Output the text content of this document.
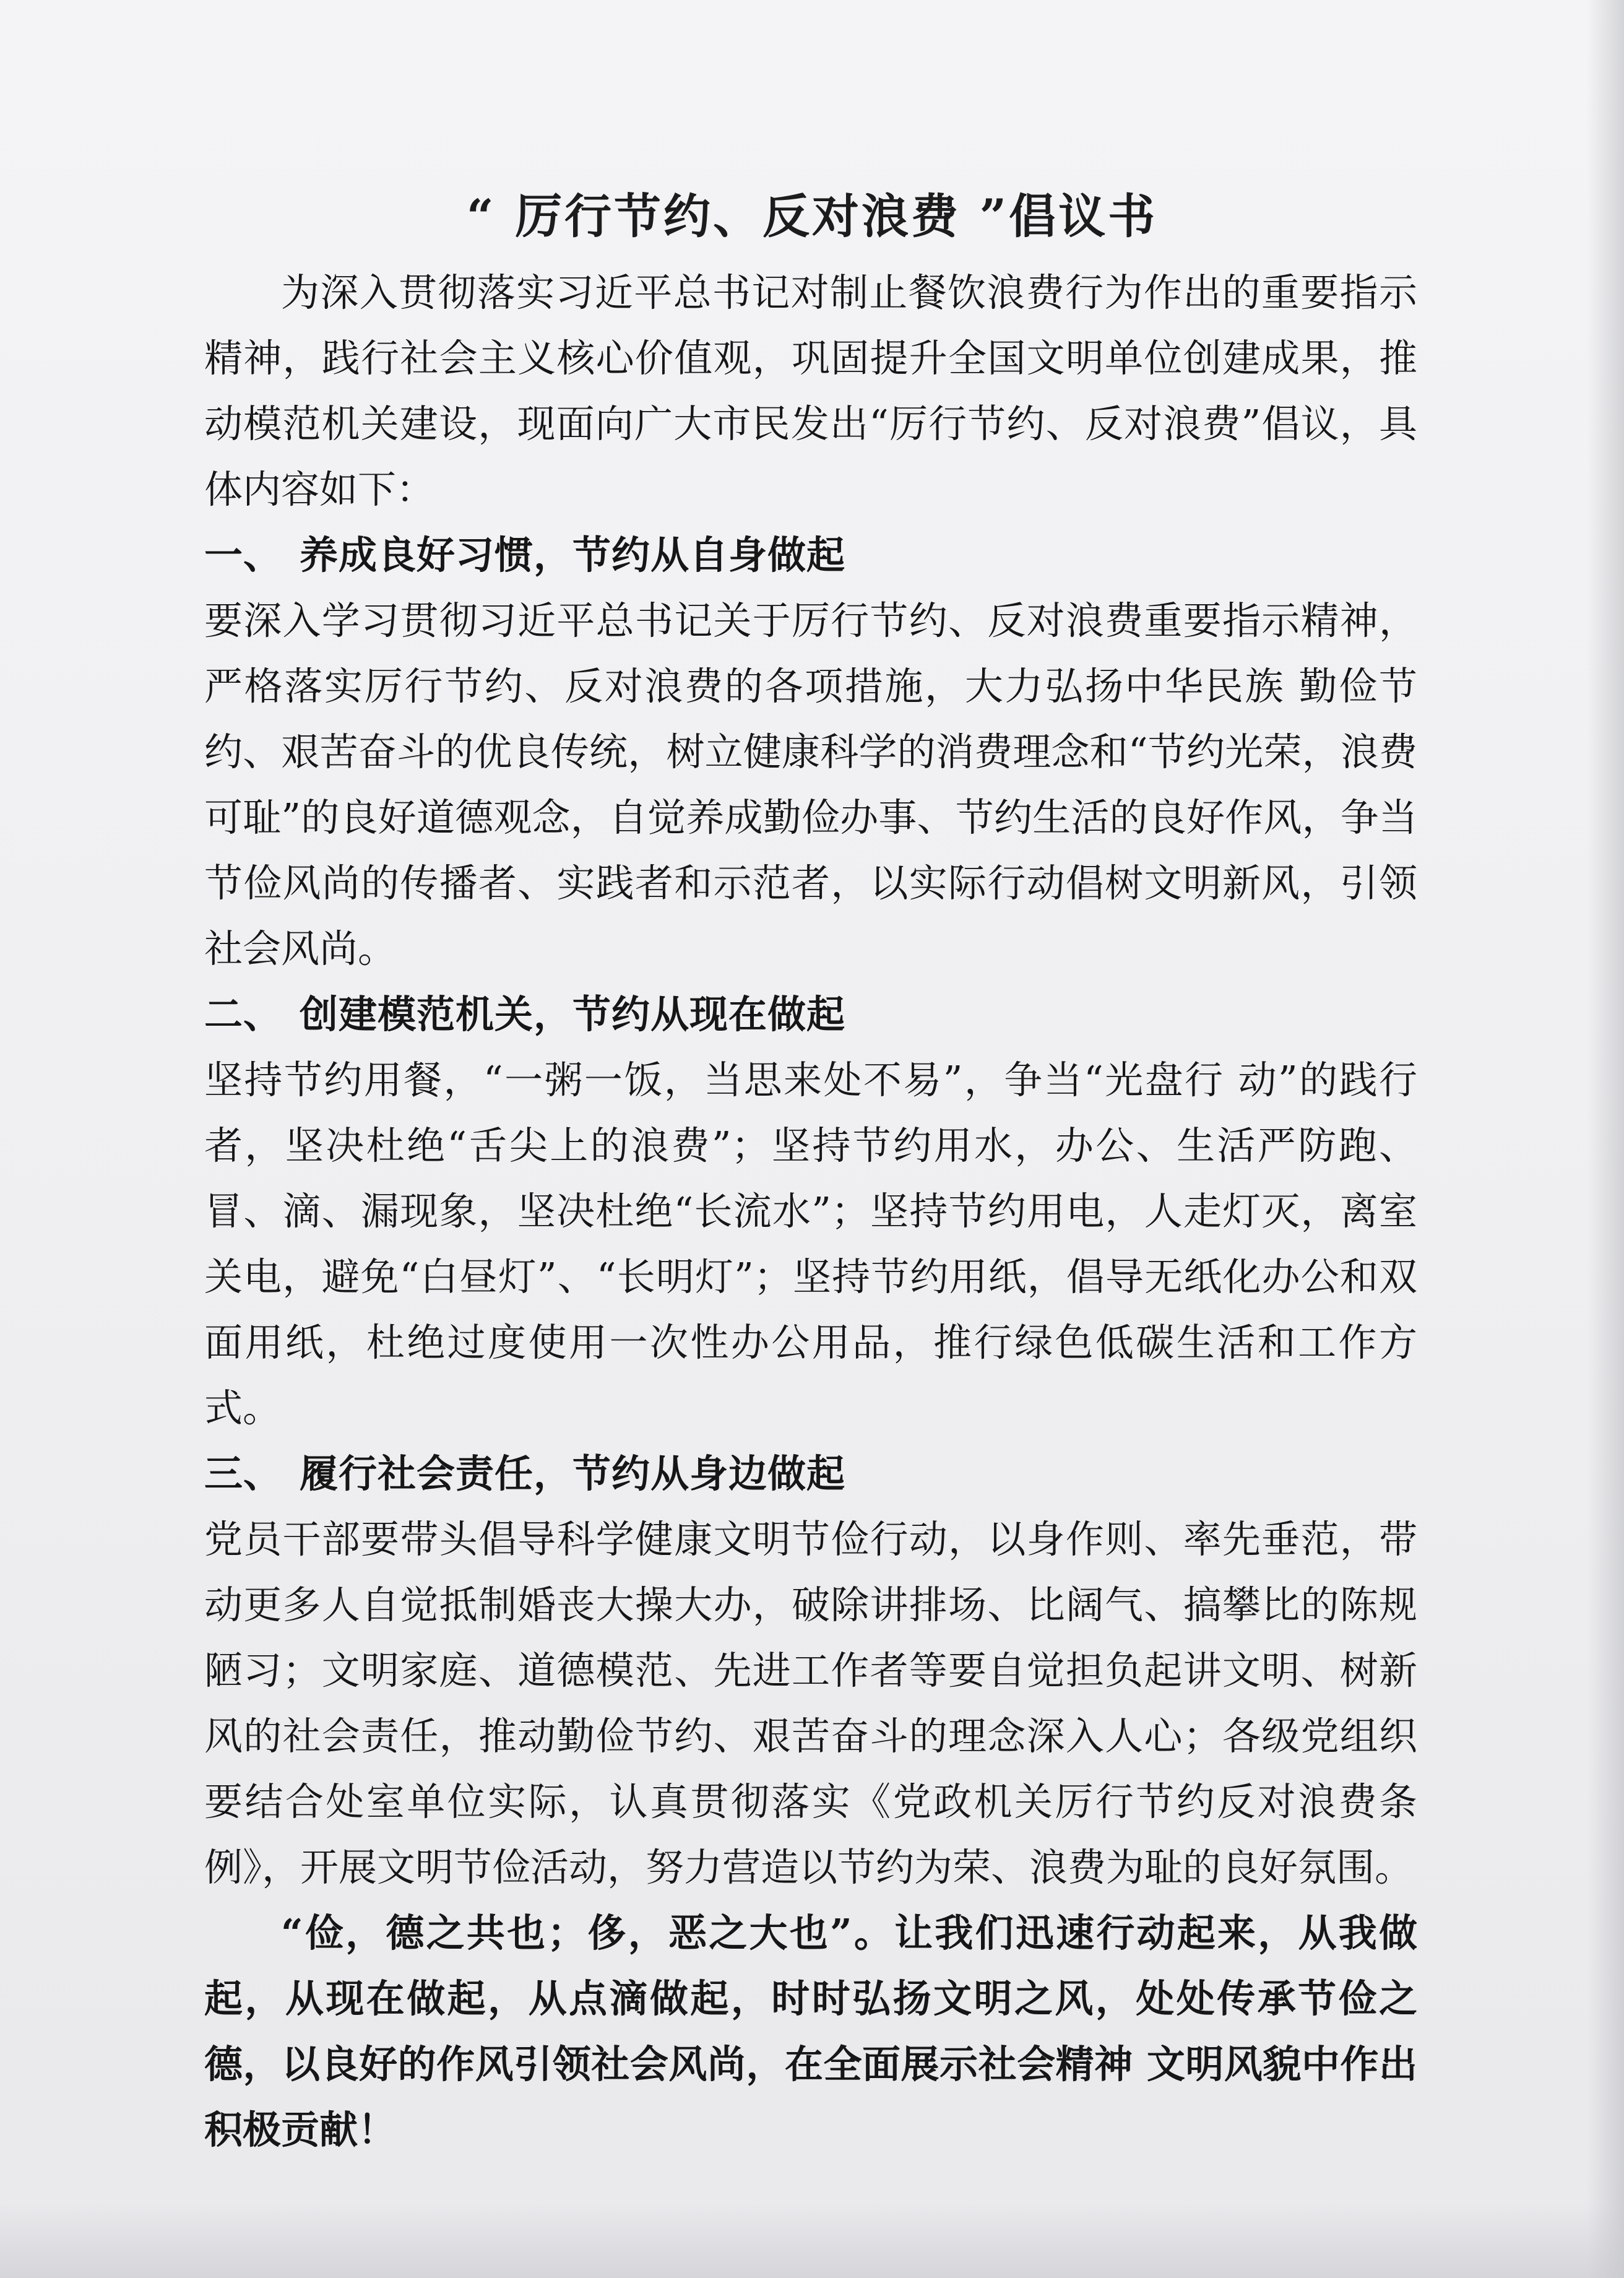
“ 厉行节约、反对浪费 ”倡议书

为深入贯彻落实习近平总书记对制止餐饮浪费行为作出的重要指示精神，践行社会主义核心价值观，巩固提升全国文明单位创建成果，推动模范机关建设，现面向广大市民发出“厉行节约、反对浪费”倡议，具体内容如下：

一、 养成良好习惯，节约从自身做起

要深入学习贯彻习近平总书记关于厉行节约、反对浪费重要指示精神，严格落实厉行节约、反对浪费的各项措施，大力弘扬中华民族 勤俭节约、艰苦奋斗的优良传统，树立健康科学的消费理念和“节约光荣，浪费可耻”的良好道德观念，自觉养成勤俭办事、节约生活的良好作风，争当节俭风尚的传播者、实践者和示范者，以实际行动倡树文明新风，引领社会风尚。

二、 创建模范机关，节约从现在做起

坚持节约用餐，“一粥一饭，当思来处不易”，争当“光盘行 动”的践行者，坚决杜绝“舌尖上的浪费”；坚持节约用水，办公、生活严防跑、冒、滴、漏现象，坚决杜绝“长流水”；坚持节约用电，人走灯灭，离室关电，避免“白昼灯”、“长明灯”；坚持节约用纸，倡导无纸化办公和双面用纸，杜绝过度使用一次性办公用品，推行绿色低碳生活和工作方式。

三、 履行社会责任，节约从身边做起

党员干部要带头倡导科学健康文明节俭行动，以身作则、率先垂范，带动更多人自觉抵制婚丧大操大办，破除讲排场、比阔气、搞攀比的陈规陋习；文明家庭、道德模范、先进工作者等要自觉担负起讲文明、树新风的社会责任，推动勤俭节约、艰苦奋斗的理念深入人心；各级党组织要结合处室单位实际，认真贯彻落实《党政机关厉行节约反对浪费条例》，开展文明节俭活动，努力营造以节约为荣、浪费为耻的良好氛围。

“俭，德之共也；侈，恶之大也”。让我们迅速行动起来，从我做起，从现在做起，从点滴做起，时时弘扬文明之风，处处传承节俭之德，以良好的作风引领社会风尚，在全面展示社会精神 文明风貌中作出积极贡献！
